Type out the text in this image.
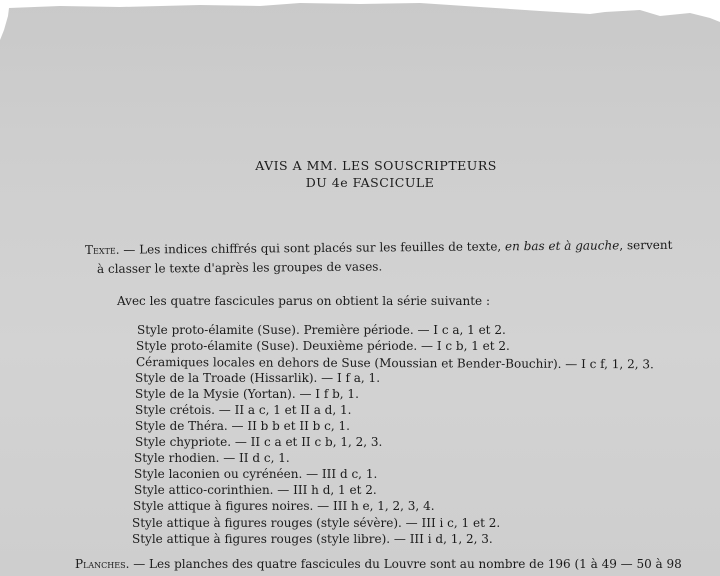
AVIS A MM. LES SOUSCRIPTEURS
DU 4e FASCICULE
Texte. — Les indices chiffrés qui sont placés sur les feuilles de texte, en bas et à gauche, servent
à classer le texte d'après les groupes de vases.
Avec les quatre fascicules parus on obtient la série suivante :
Style proto-élamite (Suse). Première période. — I c a, 1 et 2.
Style proto-élamite (Suse). Deuxième période. — I c b, 1 et 2.
Céramiques locales en dehors de Suse (Moussian et Bender-Bouchir). — I c f, 1, 2, 3.
Style de la Troade (Hissarlik). — I f a, 1.
Style de la Mysie (Yortan). — I f b, 1.
Style crétois. — II a c, 1 et II a d, 1.
Style de Théra. — II b b et II b c, 1.
Style chypriote. — II c a et II c b, 1, 2, 3.
Style rhodien. — II d c, 1.
Style laconien ou cyrénéen. — III d c, 1.
Style attico-corinthien. — III h d, 1 et 2.
Style attique à figures noires. — III h e, 1, 2, 3, 4.
Style attique à figures rouges (style sévère). — III i c, 1 et 2.
Style attique à figures rouges (style libre). — III i d, 1, 2, 3.
Planches. — Les planches des quatre fascicules du Louvre sont au nombre de 196 (1 à 49 — 50 à 98
